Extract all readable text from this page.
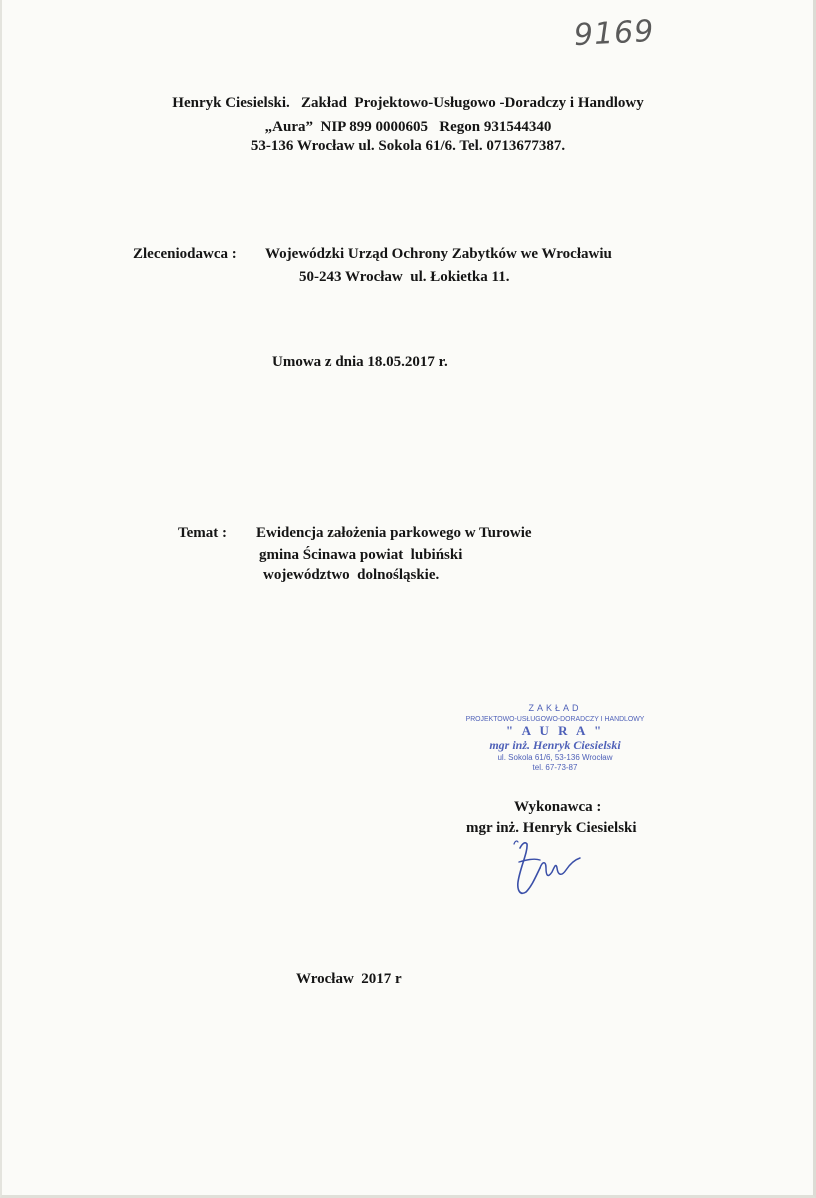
9169
Henryk Ciesielski.   Zakład  Projektowo-Usługowo -Doradczy i Handlowy
„Aura”  NIP 899 0000605   Regon 931544340
53-136 Wrocław ul. Sokola 61/6. Tel. 0713677387.
Zleceniodawca : Wojewódzki Urząd Ochrony Zabytków we Wrocławiu
50-243 Wrocław  ul. Łokietka 11.
Umowa z dnia 18.05.2017 r.
Temat : Ewidencja założenia parkowego w Turowie
gmina Ścinawa powiat  lubiński
województwo  dolnośląskie.
ZAKŁAD
PROJEKTOWO-USŁUGOWO-DORADCZY I HANDLOWY
" A U R A "
mgr inż. Henryk Ciesielski
ul. Sokola 61/6, 53-136 Wrocław
tel. 67-73-87
Wykonawca :
mgr inż. Henryk Ciesielski
Wrocław  2017 r
